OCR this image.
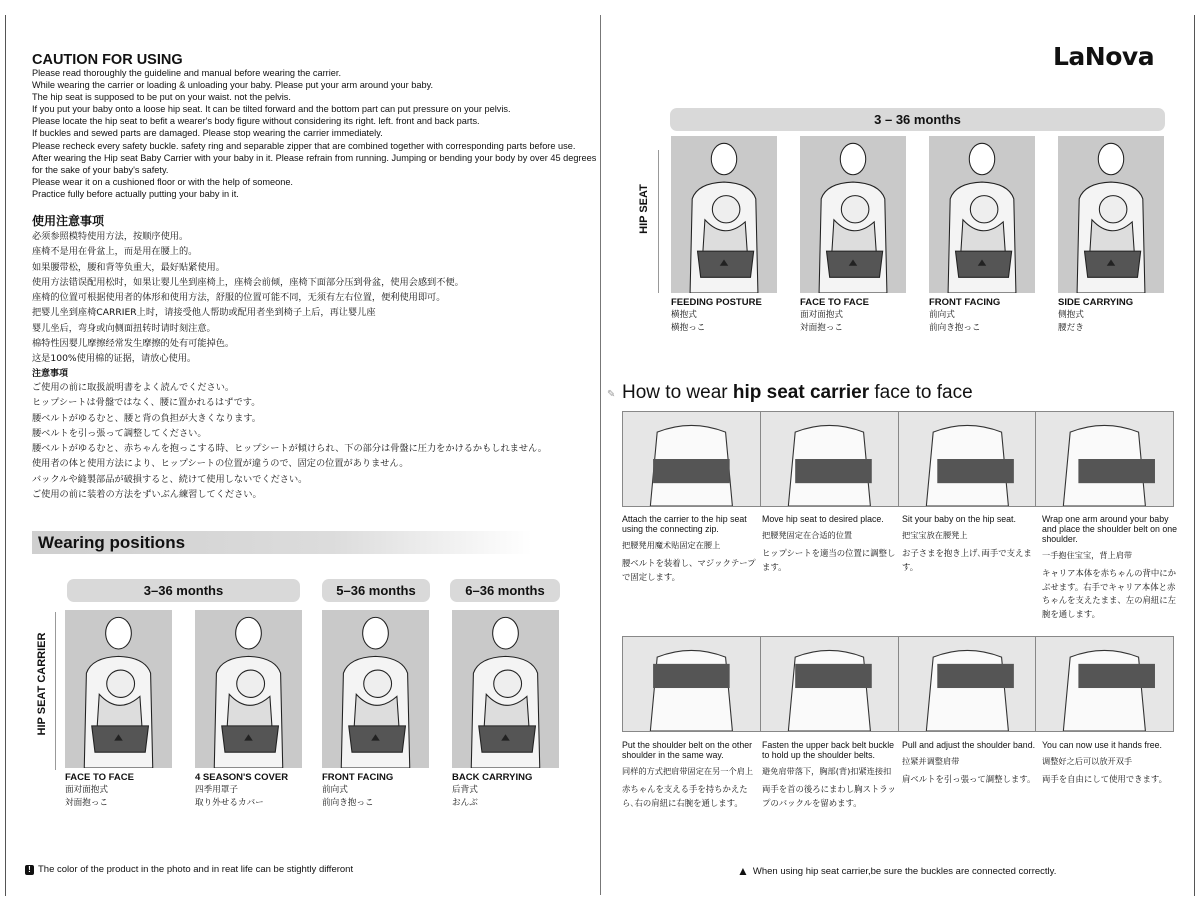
CAUTION FOR USING
Please read thoroughly the guideline and manual before wearing the carrier.
While wearing the carrier or loading & unloading your baby. Please put your arm around your baby.
The hip seat is supposed to be put on your waist. not the pelvis.
If you put your baby onto a loose hip seat. It can be tilted forward and the bottom part can put pressure on your pelvis.
Please locate the hip seat to befit a wearer's body figure without considering its right. left. front and back parts.
If buckles and sewed parts are damaged. Please stop wearing the carrier immediately.
Please recheck every safety buckle. safety ring and separable zipper that are combined together with corresponding parts before use.
After wearing the Hip seat Baby Carrier with your baby in it. Please refrain from running. Jumping or bending your body by over 45 degrees
for the sake of your baby's safety.
Please wear it on a cushioned floor or with the help of someone.
Practice fully before actually putting your baby in it.
使用注意事项
必须参照模特使用方法，按顺序使用。
座椅不是用在骨盆上，而是用在腰上的。
如果腰带松，腰和背等负重大，最好贴紧使用。
使用方法错误配用松时，如果让婴儿坐到座椅上，座椅会前倾，座椅下面部分压到骨盆，使用会感到不便。
座椅的位置可根据使用者的体形和使用方法，舒服的位置可能不同，无须有左右位置，便利使用即可。
把婴儿坐到座椅CARRIER上时，请接受他人帮助或配用者坐到椅子上后，再让婴儿座
婴儿坐后，弯身或向侧面扭转时请时刻注意。
棉特性因婴儿摩擦经常发生摩擦的处有可能掉色。
这是100%使用棉的证据，请放心使用。
注意事項
ご使用の前に取扱説明書をよく読んでください。
ヒップシートは骨盤ではなく、腰に置かれるはずです。
腰ベルトがゆるむと、腰と背の負担が大きくなります。
腰ベルトを引っ張って調整してください。
腰ベルトがゆるむと、赤ちゃんを抱っこする時、ヒップシートが傾けられ、下の部分は骨盤に圧力をかけるかもしれません。
使用者の体と使用方法により、ヒップシートの位置が違うので、固定の位置がありません。
バックルや縫製部品が破損すると、続けて使用しないでください。
ご使用の前に装着の方法をずいぶん練習してください。
Wearing positions
3–36 months	5–36 months	6–36 months
HIP SEAT CARRIER
FACE TO FACE
面对面抱式
対面抱っこ
4 SEASON'S COVER
四季用罩子
取り外せるカバー
FRONT FACING
前向式
前向き抱っこ
BACK CARRYING
后背式
おんぶ
! The color of the product in the photo and in reat life can be stightly differont
LaNova
3 – 36 months
HIP SEAT
FEEDING POSTURE
横抱式
横抱っこ
FACE TO FACE
面对面抱式
対面抱っこ
FRONT FACING
前向式
前向き抱っこ
SIDE CARRYING
侧抱式
腰だき
✎ How to wear hip seat carrier face to face
Attach the carrier to the hip seat using the connecting zip.
把腰凳用魔术贴固定在腰上
腰ベルトを装着し、マジックテープで固定します。
Move hip seat to desired place.
把腰凳固定在合适的位置
ヒップシートを適当の位置に調整します。
Sit your baby on the hip seat.
把宝宝放在腰凳上
お子さまを抱き上げ､両手で支えます。
Wrap one arm around your baby and place the shoulder belt on one shoulder.
一手抱住宝宝，背上肩带
キャリア本体を赤ちゃんの背中にかぶせます。右手でキャリア本体と赤ちゃんを支えたまま、左の肩紐に左腕を通します。
Put the shoulder belt on the other shoulder in the same way.
同样的方式把肩带固定在另一个肩上
赤ちゃんを支える手を持ちかえたら､右の肩紐に右腕を通します。
Fasten the upper back belt buckle to hold up the shoulder belts.
避免肩带落下，胸部(背)扣紧连接扣
両手を首の後ろにまわし胸ストラップのバックルを留めます。
Pull and adjust the shoulder band.
拉紧并调整肩带
肩ベルトを引っ張って調整します。
You can now use it hands free.
调整好之后可以放开双手
両手を自由にして使用できます。
▲ When using hip seat carrier,be sure the buckles are connected correctly.
